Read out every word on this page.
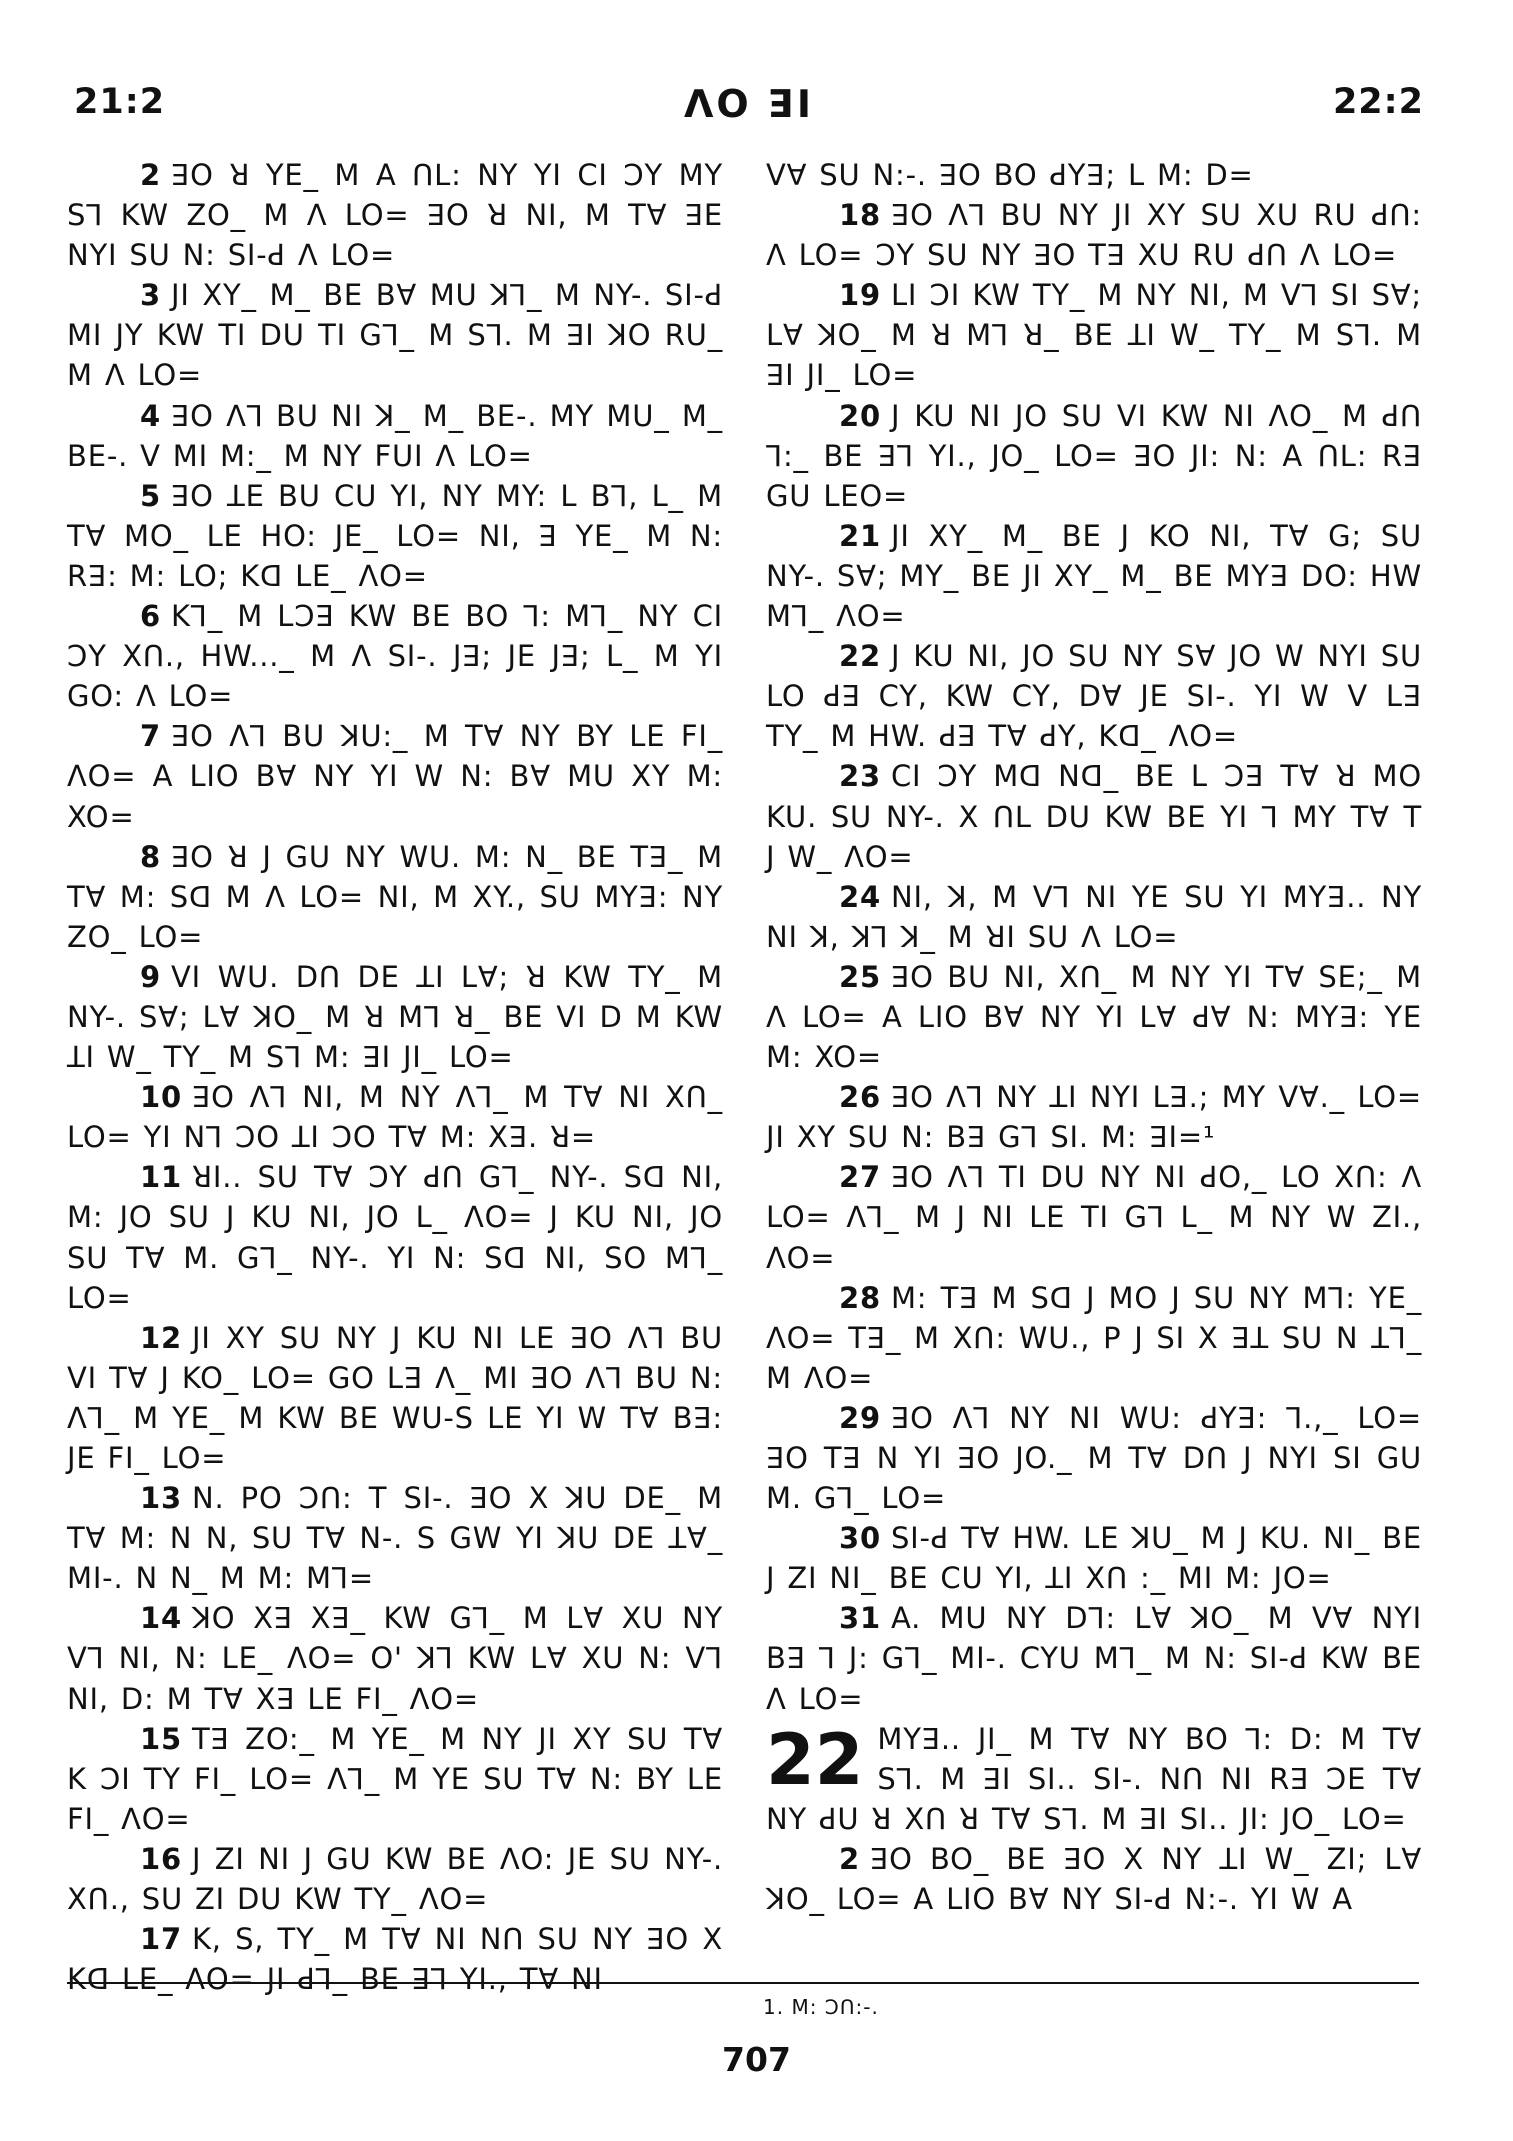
21:2	ꓥO ꓱꓲ	22:2

2 ꓱO ꓤ YE_ M A ꓵꓡ: NY YI CI ꓛY MY Sꓶ KW ZO_ M ꓥ LO= ꓱO ꓤ NI, M Tꓯ ꓱE NYI SU N: SI-ꓒ ꓥ LO=

3 JI XY_ M_ BE Bꓯ MU ꓘꓶ_ M NY-. SI-ꓒ MI JY KW TI DU TI Gꓶ_ M Sꓶ. M ꓱI ꓘO RU_ M ꓥ LO=

4 ꓱO ꓥꓶ BU NI ꓘ_ M_ BE-. MY MU_ M_ BE-. V MI M:_ M NY FUI ꓥ LO=

5 ꓱO ꓕE BU CU YI, NY MY: L Bꓶ, L_ M Tꓯ MO_ LE HO: JE_ LO= NI, ꓱ YE_ M N: Rꓱ: M: LO; Kꓷ LE_ ꓥO=

6 Kꓶ_ M Lꓛꓱ KW BE BO ꓶ: Mꓶ_ NY CI ꓛY Xꓵ., HW..._ M ꓥ SI-. Jꓱ; JE Jꓱ; L_ M YI GO: ꓥ LO=

7 ꓱO ꓥꓶ BU ꓘU:_ M Tꓯ NY BY LE FI_ ꓥO= A LIO Bꓯ NY YI W N: Bꓯ MU XY M: XO=

8 ꓱO ꓤ J GU NY WU. M: N_ BE Tꓱ_ M Tꓯ M: Sꓷ M ꓥ LO= NI, M XY., SU MYꓱ: NY ZO_ LO=

9 VI WU. Dꓵ DE ꓕI Lꓯ; ꓤ KW TY_ M NY-. Sꓯ; Lꓯ ꓘO_ M ꓤ Mꓶ ꓤ_ BE VI D M KW ꓕI W_ TY_ M Sꓶ M: ꓱI JI_ LO=

10 ꓱO ꓥꓶ NI, M NY ꓥꓶ_ M Tꓯ NI Xꓵ_ LO= YI Nꓶ ꓛO ꓕI ꓛO Tꓯ M: Xꓱ. ꓤ=

11 ꓤI.. SU Tꓯ ꓛY ꓒꓵ Gꓶ_ NY-. Sꓷ NI, M: JO SU J KU NI, JO L_ ꓥO= J KU NI, JO SU Tꓯ M. Gꓶ_ NY-. YI N: Sꓷ NI, SO Mꓶ_ LO=

12 JI XY SU NY J KU NI LE ꓱO ꓥꓶ BU VI Tꓯ J KO_ LO= GO Lꓱ ꓥ_ MI ꓱO ꓥꓶ BU N: ꓥꓶ_ M YE_ M KW BE WU-S LE YI W Tꓯ Bꓱ: JE FI_ LO=

13 N. PO ꓛꓵ: T SI-. ꓱO X ꓘU DE_ M Tꓯ M: N N, SU Tꓯ N-. S GW YI ꓘU DE ꓕꓯ_ MI-. N N_ M M: Mꓶ=

14 ꓘO Xꓱ Xꓱ_ KW Gꓶ_ M Lꓯ XU NY Vꓶ NI, N: LE_ ꓥO= O' ꓘꓶ KW Lꓯ XU N: Vꓶ NI, D: M Tꓯ Xꓱ LE FI_ ꓥO=

15 Tꓱ ZO:_ M YE_ M NY JI XY SU Tꓯ K ꓛI TY FI_ LO= ꓥꓶ_ M YE SU Tꓯ N: BY LE FI_ ꓥO=

16 J ZI NI J GU KW BE ꓥO: JE SU NY-. Xꓵ., SU ZI DU KW TY_ ꓥO=

17 K, S, TY_ M Tꓯ NI Nꓵ SU NY ꓱO X Kꓷ LE_ ꓥO= JI ꓒꓶ_ BE ꓱꓶ YI., Tꓯ NI

Vꓯ SU N:-. ꓱO BO ꓒYꓱ; L M: D=

18 ꓱO ꓥꓶ BU NY JI XY SU XU RU ꓒꓵ: ꓥ LO= ꓛY SU NY ꓱO Tꓱ XU RU ꓒꓵ ꓥ LO=

19 LI ꓛI KW TY_ M NY NI, M Vꓶ SI Sꓯ; Lꓯ ꓘO_ M ꓤ Mꓶ ꓤ_ BE ꓕI W_ TY_ M Sꓶ. M ꓱI JI_ LO=

20 J KU NI JO SU VI KW NI ꓥO_ M ꓒꓵ ꓶ:_ BE ꓱꓶ YI., JO_ LO= ꓱO JI: N: A ꓵꓡ: Rꓱ GU LEO=

21 JI XY_ M_ BE J KO NI, Tꓯ G; SU NY-. Sꓯ; MY_ BE JI XY_ M_ BE MYꓱ DO: HW Mꓶ_ ꓥO=

22 J KU NI, JO SU NY Sꓯ JO W NYI SU LO ꓒꓱ CY, KW CY, Dꓯ JE SI-. YI W V Lꓱ TY_ M HW. ꓒꓱ Tꓯ ꓒY, Kꓷ_ ꓥO=

23 CI ꓛY Mꓷ Nꓷ_ BE L ꓛꓱ Tꓯ ꓤ MO KU. SU NY-. X ꓵꓡ DU KW BE YI ꓶ MY Tꓯ T J W_ ꓥO=

24 NI, ꓘ, M Vꓶ NI YE SU YI MYꓱ.. NY NI ꓘ, ꓘꓶ ꓘ_ M ꓤI SU ꓥ LO=

25 ꓱO BU NI, Xꓵ_ M NY YI Tꓯ SE;_ M ꓥ LO= A LIO Bꓯ NY YI Lꓯ ꓒꓯ N: MYꓱ: YE M: XO=

26 ꓱO ꓥꓶ NY ꓕI NYI Lꓱ.; MY Vꓯ._ LO= JI XY SU N: Bꓱ Gꓶ SI. M: ꓱI=¹

27 ꓱO ꓥꓶ TI DU NY NI ꓒO,_ LO Xꓵ: ꓥ LO= ꓥꓶ_ M J NI LE TI Gꓶ L_ M NY W ZI., ꓥO=

28 M: Tꓱ M Sꓷ J MO J SU NY Mꓶ: YE_ ꓥO= Tꓱ_ M Xꓵ: WU., P J SI X ꓱꓕ SU N ꓕꓶ_ M ꓥO=

29 ꓱO ꓥꓶ NY NI WU: ꓒYꓱ: ꓶ.,_ LO= ꓱO Tꓱ N YI ꓱO JO._ M Tꓯ Dꓵ J NYI SI GU M. Gꓶ_ LO=

30 SI-ꓒ Tꓯ HW. LE ꓘU_ M J KU. NI_ BE J ZI NI_ BE CU YI, ꓕI Xꓵ :_ MI M: JO=

31 A. MU NY Dꓶ: Lꓯ ꓘO_ M Vꓯ NYI Bꓱ ꓶ J: Gꓶ_ MI-. CYU Mꓶ_ M N: SI-ꓒ KW BE ꓥ LO=

22 MYꓱ.. JI_ M Tꓯ NY BO ꓶ: D: M Tꓯ Sꓶ. M ꓱI SI.. SI-. Nꓵ NI Rꓱ ꓛE Tꓯ NY ꓒU ꓤ Xꓵ ꓤ Tꓯ Sꓶ. M ꓱI SI.. JI: JO_ LO=

2 ꓱO BO_ BE ꓱO X NY ꓕI W_ ZI; Lꓯ ꓘO_ LO= A LIO Bꓯ NY SI-ꓒ N:-. YI W A

1. M: ꓛꓵ:-.
707
